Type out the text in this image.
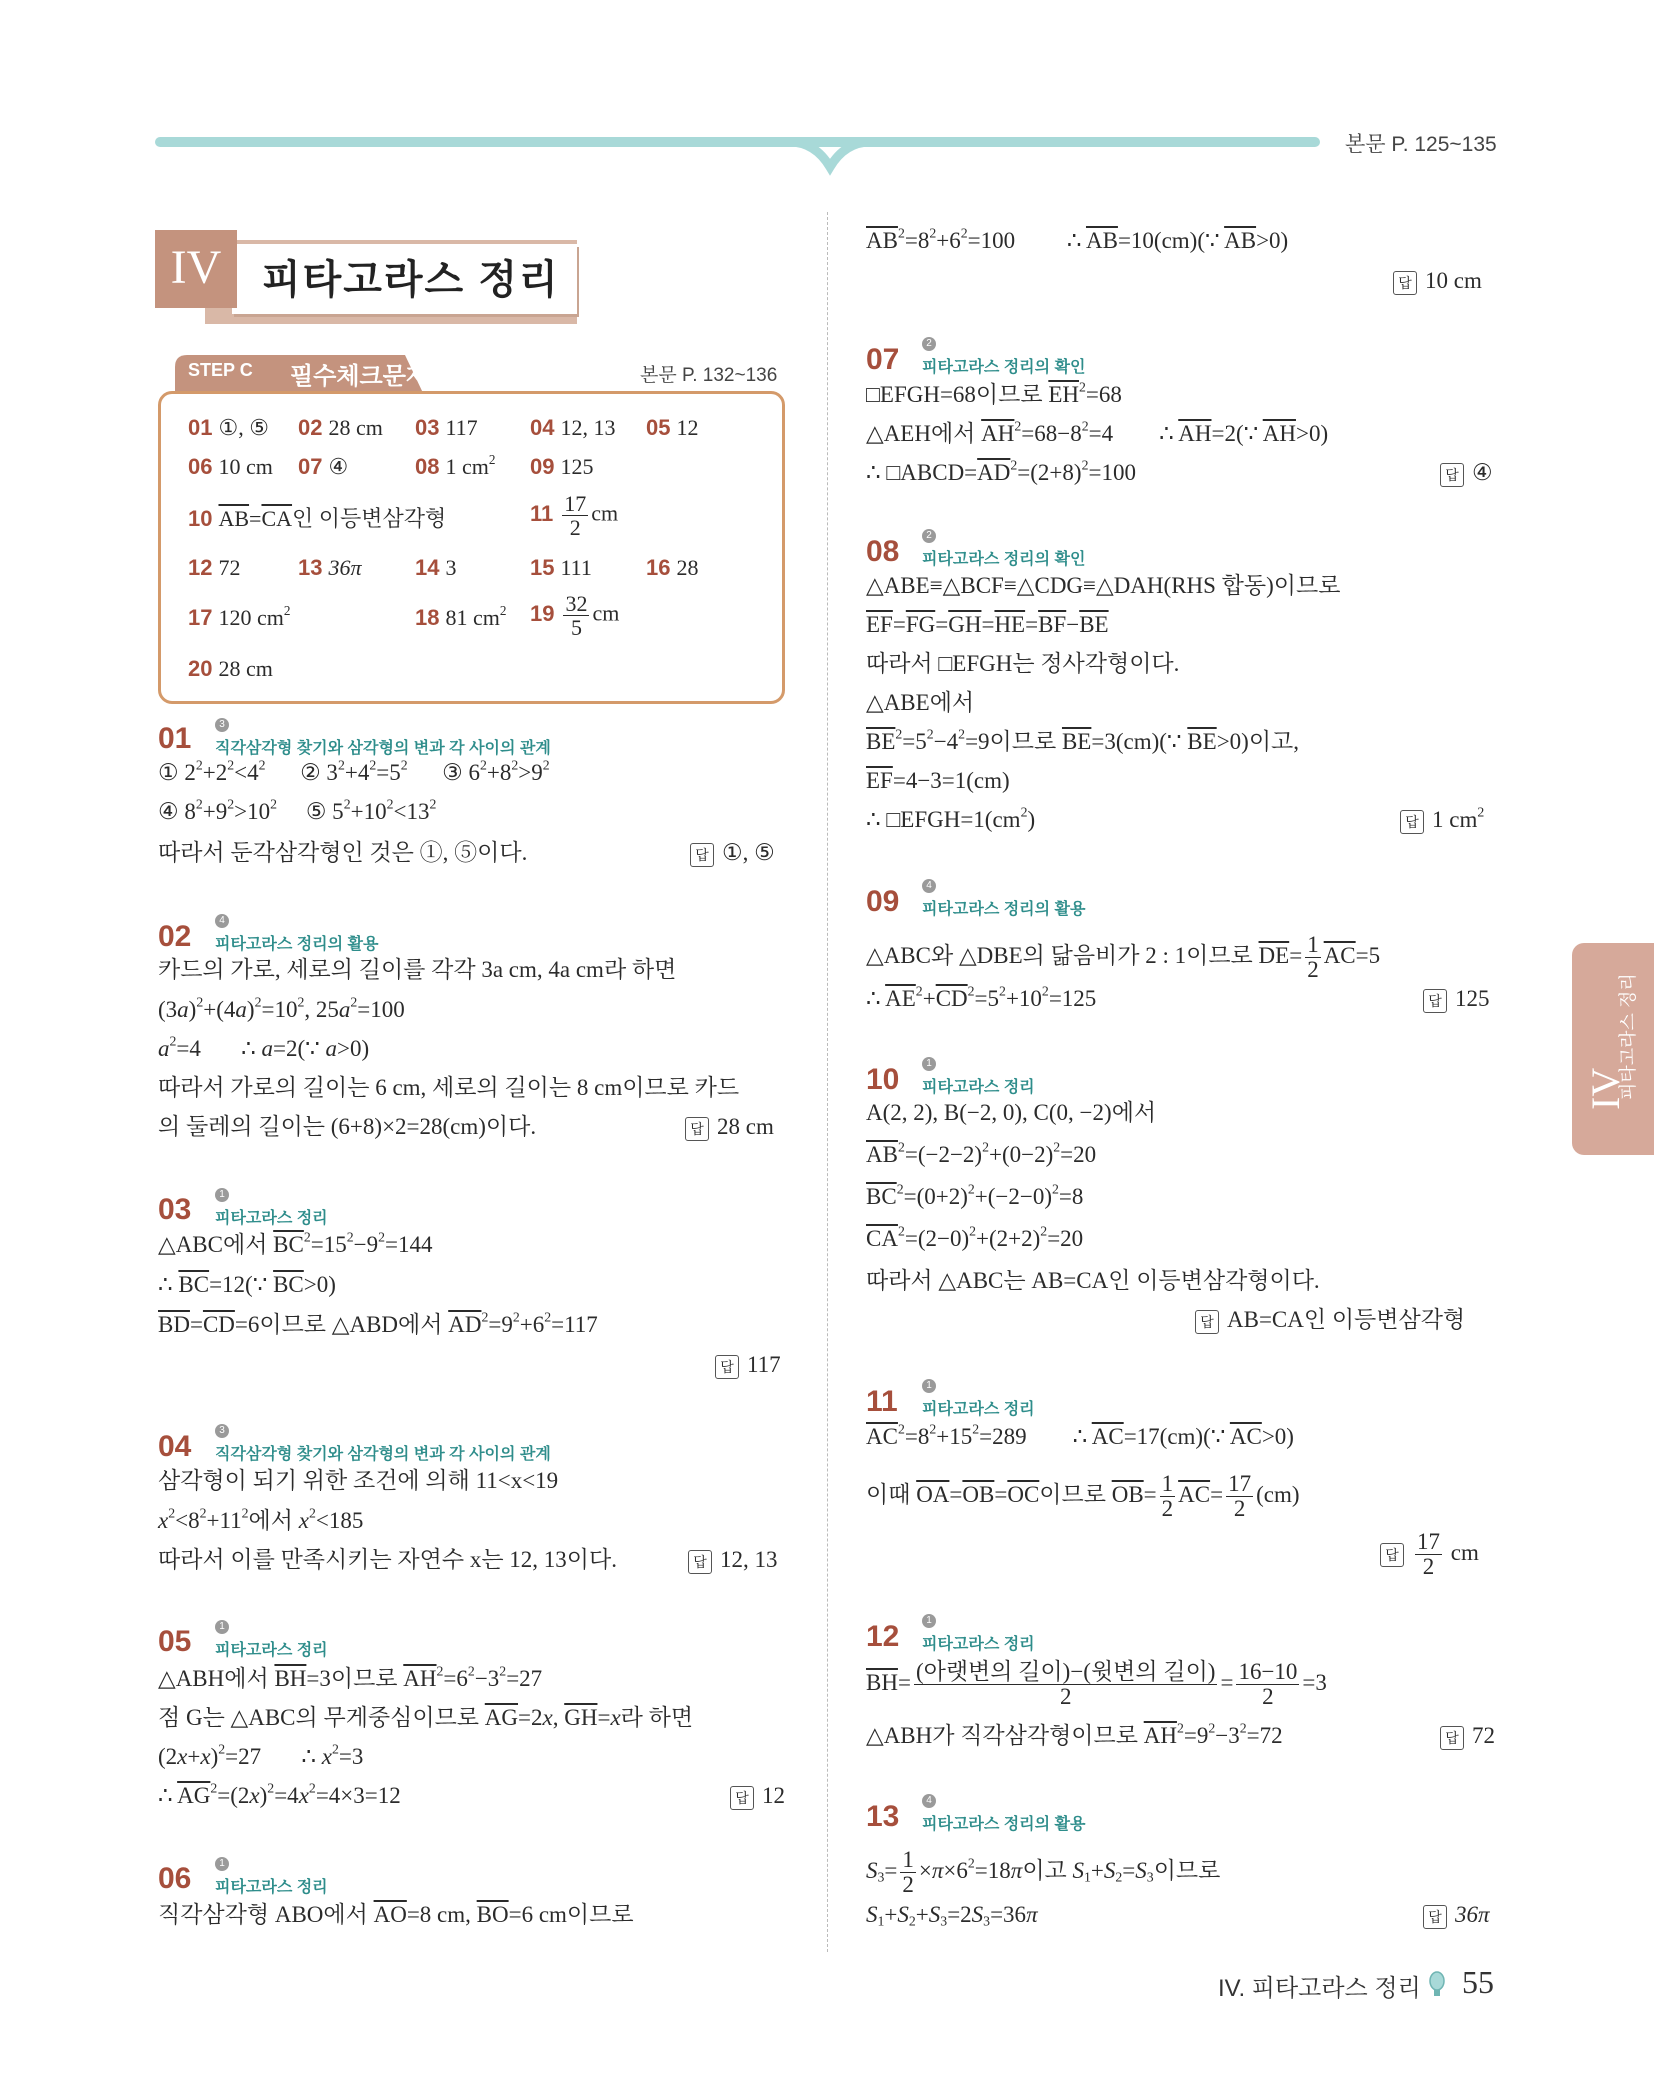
본문 P. 125~135
IV	피타고라스 정리
STEP C 필수체크문제	본문 P. 132~136
01 ①, ⑤ 02 28 cm 03 117 04 12, 13 05 12
06 10 cm 07 ④	08 1 $cm^2$ 09 125
10 $\overline{AB}=\overline{CA}$인 이등변삼각형	$11 \frac{17}{2}$ cm
12 72	13 36π 14 3	15 111 16 28
17 120 $cm^2$	18 81 $cm^2$ $19 \frac{32}{5}$ cm
20 28 cm
01	3
직각삼각형 찾기와 삼각형의 변과 각 사이의 관계
① $2^2+2^2<4^2$      ② $3^2+4^2=5^2$      ③ $6^2+8^2>9^2$
④ $8^2+9^2>10^2$     ⑤ $5^2+10^2<13^2$
따라서 둔각삼각형인 것은 ①, ⑤이다.	답 ①, ⑤
02	4
피타고라스 정리의 활용
카드의 가로, 세로의 길이를 각각 3a cm, 4a cm라 하면
$(3a)^2+(4a)^2=10^2$, $25a^2=100$
$a^2=4$       ∴ a=2(∵ a>0)
따라서 가로의 길이는 6 cm, 세로의 길이는 8 cm이므로 카드
의 둘레의 길이는 (6+8)×2=28(cm)이다.	답 28 cm
03	1
피타고라스 정리
△ABC에서 $\overline{BC}^2=15^2-9^2=144$
∴ $\overline{BC}=12(\because$ $\overline{BC}>0$)
$\overline{BD}=\overline{CD}=6$이므로 △ABD에서 $\overline{AD}^2=9^2+6^2=117$
답 117
04	3
직각삼각형 찾기와 삼각형의 변과 각 사이의 관계
삼각형이 되기 위한 조건에 의해 11<x<19
$x^2<8^2+11^2$에서 $x^2<185$
따라서 이를 만족시키는 자연수 x는 12, 13이다.	답 12, 13
05	1
피타고라스 정리
△ABH에서 $\overline{BH}=3$이므로 $\overline{AH}^2=6^2-3^2=27$
점 G는 △ABC의 무게중심이므로 $\overline{AG}=2x$, $\overline{GH}=x$라 하면
$(2x+x)^2=27$       ∴ $x^2=3$
∴ $\overline{AG}^2=(2x)^2=4x^2=4\times 3=12$	답 12
06	1
피타고라스 정리
직각삼각형 ABO에서 $\overline{AO}=8$ cm, $\overline{BO}=6$ cm이므로
$\overline{AB}^2=8^2+6^2=100$         ∴ $\overline{AB}=10(cm)(\because$ $\overline{AB}>0$)
답 10 cm
07	2
피타고라스 정리의 확인
□EFGH=68이므로 $\overline{EH}^2=68$
△AEH에서 $\overline{AH}^2=68-8^2=4$        ∴ $\overline{AH}=2(\because$ $\overline{AH}>0$)
∴ $□ABCD=\overline{AD}^2=(2+8)^2=100$	답 ④
08	2
피타고라스 정리의 확인
△ABE≡△BCF≡△CDG≡△DAH(RHS 합동)이므로
$\overline{EF}=\overline{FG}=\overline{GH}=\overline{HE}=\overline{BF}-\overline{BE}$
따라서 □EFGH는 정사각형이다.
△ABE에서
$\overline{BE}^2=5^2-4^2=9$이므로 $\overline{BE}=3(cm)(\because$ $\overline{BE}>0$)이고,
$\overline{EF}=4-3=1(cm)$
∴ $□EFGH=1(cm^2)$	답 1 $cm^2$
09	4
피타고라스 정리의 활용
△ABC와 △DBE의 닮음비가 2 : 1이므로 $\overline{DE}= \frac{1}{2} \overline{AC}=5$
∴ $\overline{AE}^2+\overline{CD}^2=5^2+10^2=125$	답 125
10	1
피타고라스 정리
A(2, 2), B(−2, 0), C(0, −2)에서
$\overline{AB}^2=(-2-2)^2+(0-2)^2=20$
$\overline{BC}^2=(0+2)^2+(-2-0)^2=8$
$\overline{CA}^2=(2-0)^2+(2+2)^2=20$
따라서 △ABC는 AB=CA인 이등변삼각형이다.
답 AB=CA인 이등변삼각형
11	1
피타고라스 정리
$\overline{AC}^2=8^2+15^2=289$        ∴ $\overline{AC}=17(cm)(\because$ $\overline{AC}>0$)
이때 $\overline{OA}=\overline{OB}=\overline{OC}$이므로 $\overline{OB}= \frac{1}{2} \overline{AC}= \frac{17}{2} (cm)$
답 $\frac{17}{2}$ cm
12	1
피타고라스 정리
$\overline{BH}= \frac{\text{(아랫변의 길이)−(윗변의 길이)}}{2} = \frac{16-10}{2} =3$
△ABH가 직각삼각형이므로 $\overline{AH}^2=9^2-3^2=72$	답 72
13	4
피타고라스 정리의 활용
$S_3= \frac{1}{2} \times\pi\times 6^2=18\pi$이고 $S_1+S_2=S_3$이므로
$S_1+S_2+S_3=2S_3=36\pi$	답 36π
IV
피타고라스 정리
IV. 피타고라스 정리 55
